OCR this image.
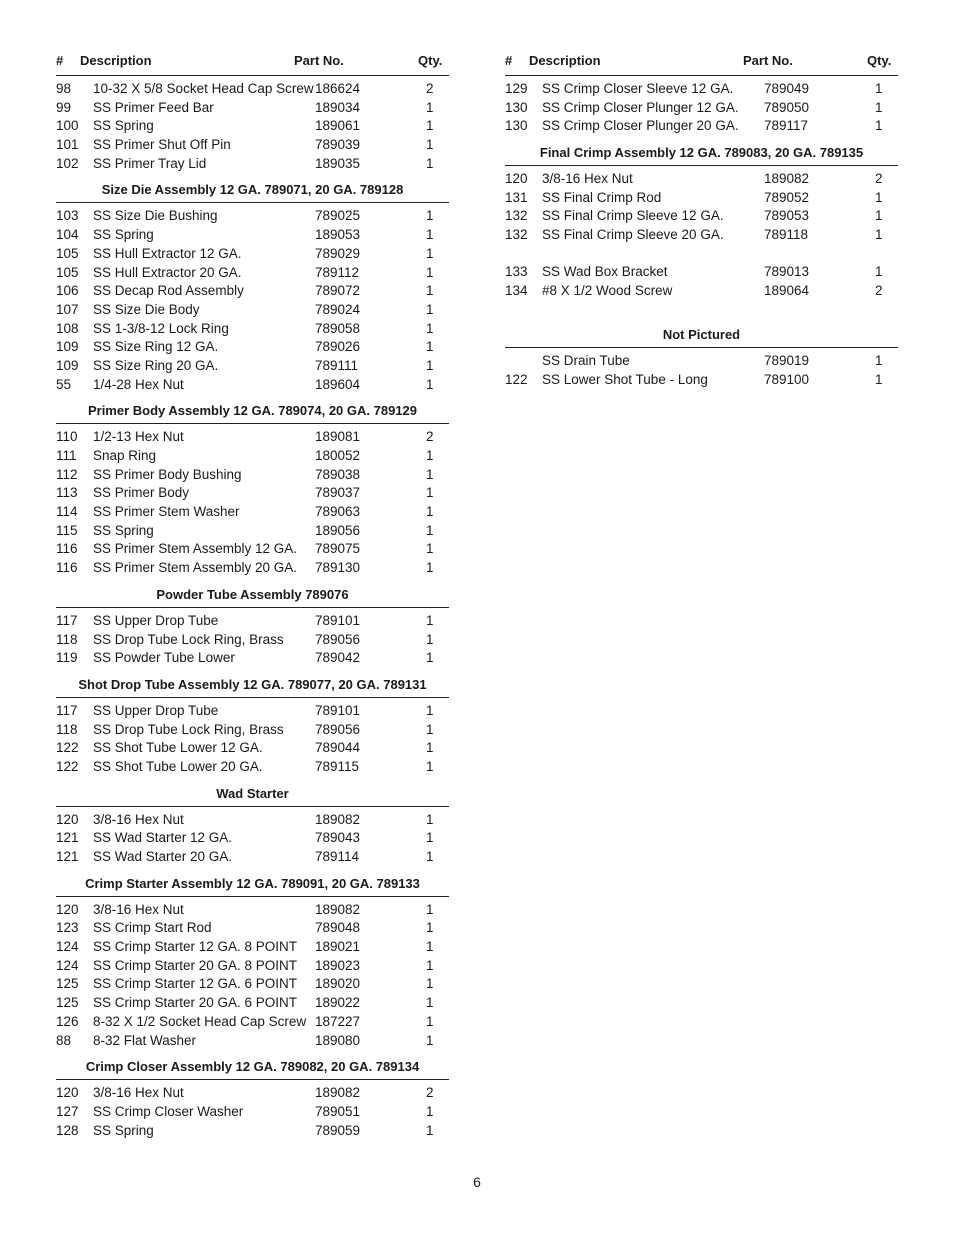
# Description	Part No.	Qty.
98 10-32 X 5/8 Socket Head Cap Screw 186624	2
99 SS Primer Feed Bar	189034	1
100 SS Spring	189061	1
101 SS Primer Shut Off Pin	789039	1
102 SS Primer Tray Lid	189035	1
Size Die Assembly 12 GA. 789071, 20 GA. 789128
103 SS Size Die Bushing	789025	1
104 SS Spring	189053	1
105 SS Hull Extractor 12 GA.	789029	1
105 SS Hull Extractor 20 GA.	789112	1
106 SS Decap Rod Assembly	789072	1
107 SS Size Die Body	789024	1
108 SS 1-3/8-12 Lock Ring	789058	1
109 SS Size Ring 12 GA.	789026	1
109 SS Size Ring 20 GA.	789111	1
55 1/4-28 Hex Nut	189604	1
Primer Body Assembly 12 GA. 789074, 20 GA. 789129
110 1/2-13 Hex Nut	189081	2
111 Snap Ring	180052	1
112 SS Primer Body Bushing	789038	1
113 SS Primer Body	789037	1
114 SS Primer Stem Washer	789063	1
115 SS Spring	189056	1
116 SS Primer Stem Assembly 12 GA. 789075	1
116 SS Primer Stem Assembly 20 GA. 789130	1
Powder Tube Assembly 789076
117 SS Upper Drop Tube	789101	1
118 SS Drop Tube Lock Ring, Brass 789056	1
119 SS Powder Tube Lower	789042	1
Shot Drop Tube Assembly 12 GA. 789077, 20 GA. 789131
117 SS Upper Drop Tube	789101	1
118 SS Drop Tube Lock Ring, Brass 789056	1
122 SS Shot Tube Lower 12 GA.	789044	1
122 SS Shot Tube Lower 20 GA.	789115	1
Wad Starter
120 3/8-16 Hex Nut	189082	1
121 SS Wad Starter 12 GA.	789043	1
121 SS Wad Starter 20 GA.	789114	1
Crimp Starter Assembly 12 GA. 789091, 20 GA. 789133
120 3/8-16 Hex Nut	189082	1
123 SS Crimp Start Rod	789048	1
124 SS Crimp Starter 12 GA. 8 POINT 189021	1
124 SS Crimp Starter 20 GA. 8 POINT 189023	1
125 SS Crimp Starter 12 GA. 6 POINT 189020	1
125 SS Crimp Starter 20 GA. 6 POINT 189022	1
126 8-32 X 1/2 Socket Head Cap Screw 187227	1
88 8-32 Flat Washer	189080	1
Crimp Closer Assembly 12 GA. 789082, 20 GA. 789134
120 3/8-16 Hex Nut	189082	2
127 SS Crimp Closer Washer	789051	1
128 SS Spring	789059	1
# Description	Part No.	Qty.
129 SS Crimp Closer Sleeve 12 GA. 789049	1
130 SS Crimp Closer Plunger 12 GA. 789050	1
130 SS Crimp Closer Plunger 20 GA. 789117	1
Final Crimp Assembly 12 GA. 789083, 20 GA. 789135
120 3/8-16 Hex Nut	189082	2
131 SS Final Crimp Rod	789052	1
132 SS Final Crimp Sleeve 12 GA.	789053	1
132 SS Final Crimp Sleeve 20 GA.	789118	1
133 SS Wad Box Bracket	789013	1
134 #8 X 1/2 Wood Screw	189064	2
Not Pictured
SS Drain Tube	789019	1
122 SS Lower Shot Tube - Long	789100	1
6
